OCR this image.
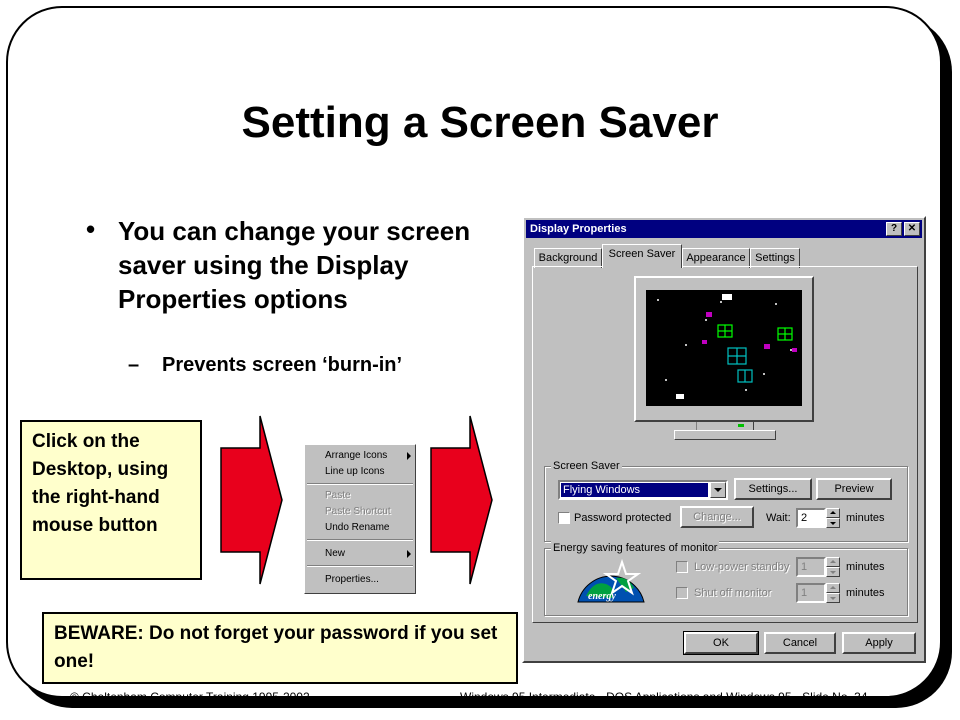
Setting a Screen Saver
• You can change your screen saver using the Display Properties options
– Prevents screen ‘burn-in’
Click on the Desktop, using the right-hand mouse button
Arrange Icons
Line up Icons
Paste
Paste Shortcut
Undo Rename
New
Properties...
Display Properties	?	✕
Background	Screen Saver	Appearance Settings
Screen Saver
Flying Windows	Settings...	Preview
Password protected	Change...	Wait: 2	minutes
Energy saving features of monitor
energy
Low-power standby	1	minutes
Shut off monitor	1	minutes
OK	Cancel	Apply
BEWARE: Do not forget your password if you set one!
© Cheltenham Computer Training 1995-2002	Windows 95 Intermediate - DOS Applications and Windows 95 - Slide No. 34
